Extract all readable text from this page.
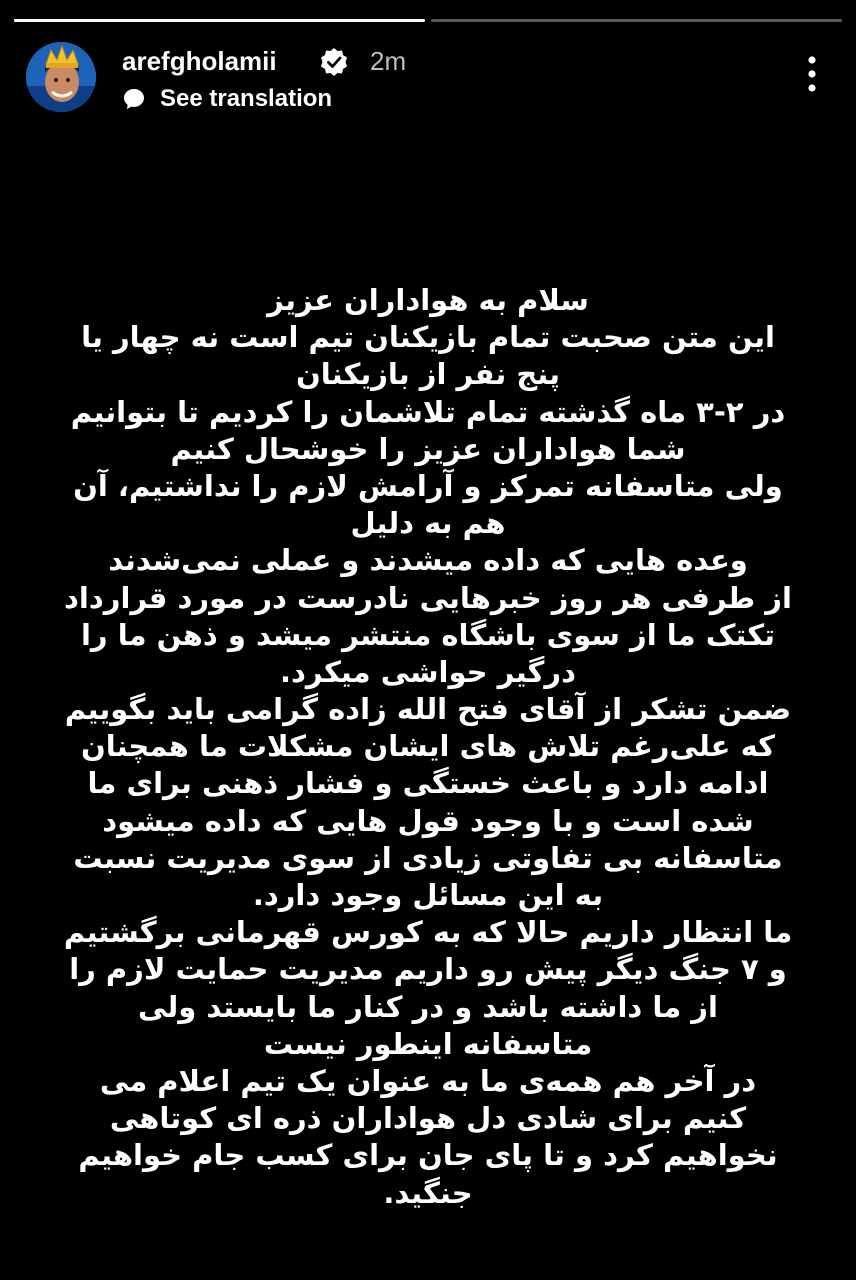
arefgholamii	2m
See translation
سلام به هواداران عزیز
این متن صحبت تمام بازیکنان تیم است نه چهار یا
پنج نفر از بازیکنان
در ۲-۳ ماه گذشته تمام تلاشمان را کردیم تا بتوانیم
شما هواداران عزیز را خوشحال کنیم
ولی متاسفانه تمرکز و آرامش لازم را نداشتیم، آن
هم به دلیل
وعده هایی که داده میشدند و عملی نمی‌شدند
از طرفی هر روز خبرهایی نادرست در مورد قرارداد
تکتک ما از سوی باشگاه منتشر میشد و ذهن ما را
درگیر حواشی میکرد.
ضمن تشکر از آقای فتح الله زاده گرامی باید بگوییم
که علی‌رغم تلاش های ایشان مشکلات ما همچنان
ادامه دارد و باعث خستگی و فشار ذهنی برای ما
شده است و با وجود قول هایی که داده میشود
متاسفانه بی تفاوتی زیادی از سوی مدیریت نسبت
به این مسائل وجود دارد.
ما انتظار داریم حالا که به کورس قهرمانی برگشتیم
و ۷ جنگ دیگر پیش رو داریم مدیریت حمایت لازم را
از ما داشته باشد و در کنار ما بایستد ولی
متاسفانه اینطور نیست
در آخر هم همه‌ی ما به عنوان یک تیم اعلام می
کنیم برای شادی دل هواداران ذره ای کوتاهی
نخواهیم کرد و تا پای جان برای کسب جام خواهیم
جنگید.
